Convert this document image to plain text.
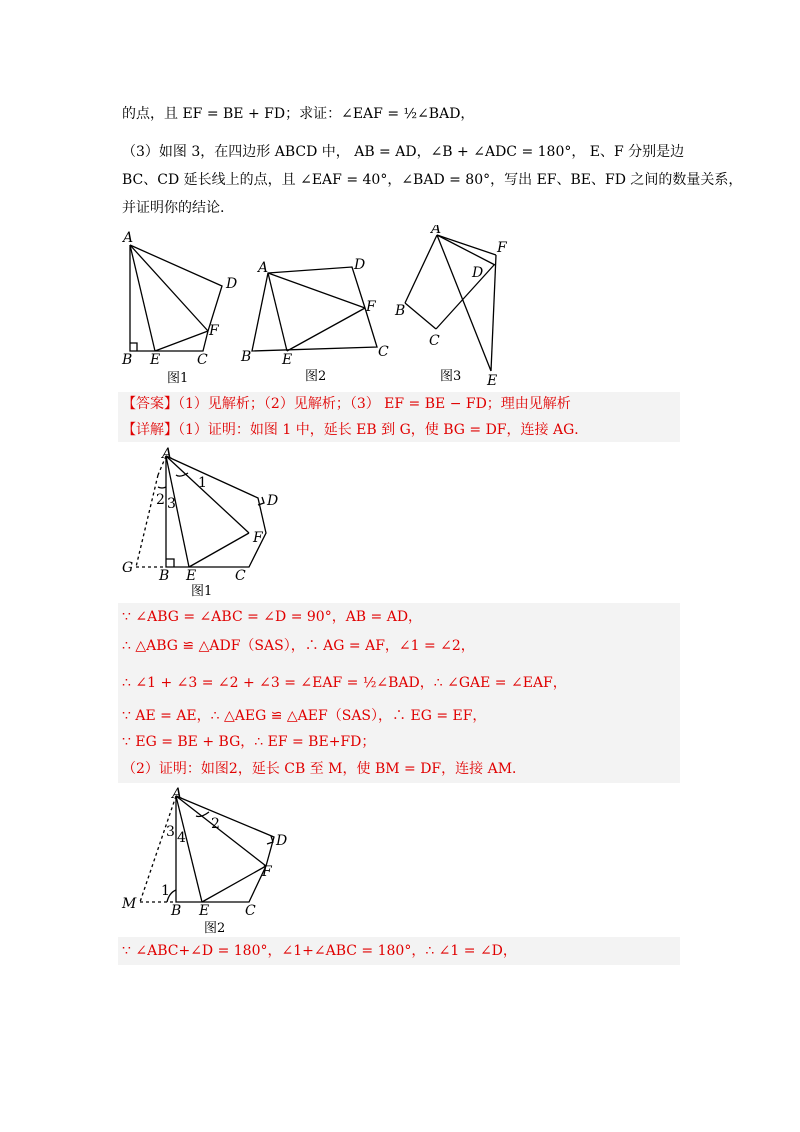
的点，且 EF = BE + FD；求证：∠EAF = ½∠BAD，
（3）如图 3，在四边形 ABCD 中， AB = AD，∠B + ∠ADC = 180°， E、F 分别是边
BC、CD 延长线上的点，且 ∠EAF = 40°，∠BAD = 80°，写出 EF、BE、FD 之间的数量关系，
并证明你的结论.
A
D
F
B E	C
图1
A	D
F
B E	C
图2
A
F
D
B
C
E
图3
【答案】（1）见解析；（2）见解析；（3） EF = BE − FD；理由见解析
【详解】（1）证明：如图 1 中，延长 EB 到 G，使 BG = DF，连接 AG．
A
1
2 3	D
F
G B E	C
图1
∵ ∠ABG = ∠ABC = ∠D = 90°，AB = AD，
∴ △ABG ≌ △ADF（SAS），∴ AG = AF，∠1 = ∠2，
∴ ∠1 + ∠3 = ∠2 + ∠3 = ∠EAF = ½∠BAD，∴ ∠GAE = ∠EAF，
∵ AE = AE，∴ △AEG ≌ △AEF（SAS），∴ EG = EF，
∵ EG = BE + BG，∴ EF = BE+FD；
（2）证明：如图2，延长 CB 至 M，使 BM = DF，连接 AM．
A
2
3 4	D
F
1
M B E	C
图2
∵ ∠ABC+∠D = 180°，∠1+∠ABC = 180°，∴ ∠1 = ∠D，
